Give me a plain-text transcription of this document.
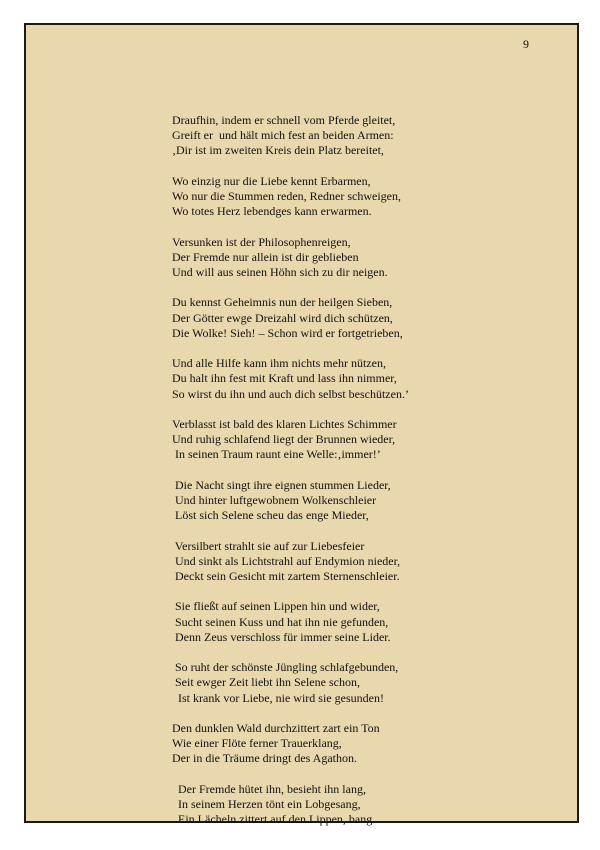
9
Draufhin, indem er schnell vom Pferde gleitet,
Greift er  und hält mich fest an beiden Armen:
‚Dir ist im zweiten Kreis dein Platz bereitet,
Wo einzig nur die Liebe kennt Erbarmen,
Wo nur die Stummen reden, Redner schweigen,
Wo totes Herz lebendges kann erwarmen.
Versunken ist der Philosophenreigen,
Der Fremde nur allein ist dir geblieben
Und will aus seinen Höhn sich zu dir neigen.
Du kennst Geheimnis nun der heilgen Sieben,
Der Götter ewge Dreizahl wird dich schützen,
Die Wolke! Sieh! – Schon wird er fortgetrieben,
Und alle Hilfe kann ihm nichts mehr nützen,
Du halt ihn fest mit Kraft und lass ihn nimmer,
So wirst du ihn und auch dich selbst beschützen.’
Verblasst ist bald des klaren Lichtes Schimmer
Und ruhig schlafend liegt der Brunnen wieder,
In seinen Traum raunt eine Welle:‚immer!’
Die Nacht singt ihre eignen stummen Lieder,
Und hinter luftgewobnem Wolkenschleier
Löst sich Selene scheu das enge Mieder,
Versilbert strahlt sie auf zur Liebesfeier
Und sinkt als Lichtstrahl auf Endymion nieder,
Deckt sein Gesicht mit zartem Sternenschleier.
Sie fließt auf seinen Lippen hin und wider,
Sucht seinen Kuss und hat ihn nie gefunden,
Denn Zeus verschloss für immer seine Lider.
So ruht der schönste Jüngling schlafgebunden,
Seit ewger Zeit liebt ihn Selene schon,
Ist krank vor Liebe, nie wird sie gesunden!
Den dunklen Wald durchzittert zart ein Ton
Wie einer Flöte ferner Trauerklang,
Der in die Träume dringt des Agathon.
Der Fremde hütet ihn, besieht ihn lang,
In seinem Herzen tönt ein Lobgesang,
Ein Lächeln zittert auf den Lippen, bang.
